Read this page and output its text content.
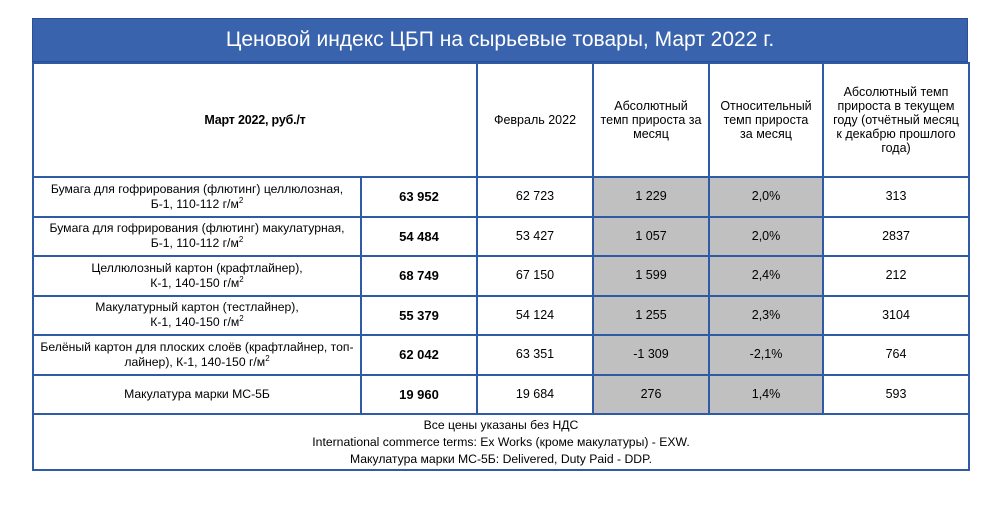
Ценовой индекс ЦБП на сырьевые товары, Март 2022 г.
Март 2022, руб./т		Февраль 2022	Абсолютный темп прироста за месяц	Относительный темп прироста за месяц	Абсолютный темп прироста в текущем году (отчётный месяц к декабрю прошлого года)

Бумага для гофрирования (флютинг) целлюлозная,
Б-1, 110-112 $г/м^2$	63 952	62 723	1 229	2,0%	313

Бумага для гофрирования (флютинг) макулатурная,
Б-1, 110-112 $г/м^2$	54 484	53 427	1 057	2,0%	2837

Целлюлозный картон (крафтлайнер),
К-1, 140-150 $г/м^2$	68 749	67 150	1 599	2,4%	212

Макулатурный картон (тестлайнер),
К-1, 140-150 $г/м^2$	55 379	54 124	1 255	2,3%	3104

Белёный картон для плоских слоёв (крафтлайнер, топ-
лайнер), К-1, 140-150 $г/м^2$	62 042	63 351	-1 309	-2,1%	764

Макулатура марки МС-5Б	19 960	19 684	276	1,4%	593

Все цены указаны без НДС
International commerce terms: Ex Works (кроме макулатуры) - EXW.
Макулатура марки МС-5Б: Delivered, Duty Paid - DDP.					
